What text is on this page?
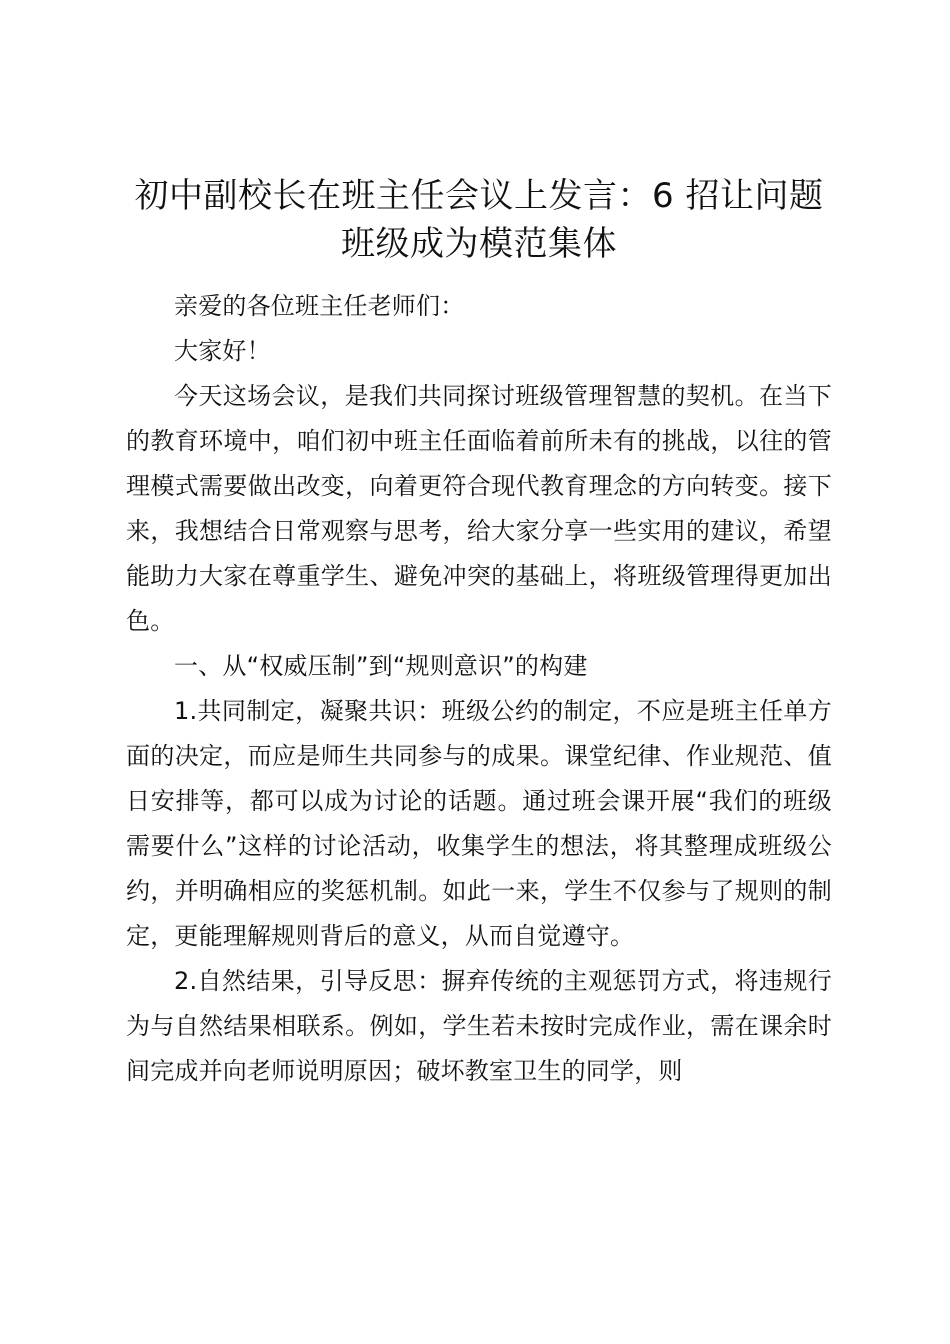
初中副校长在班主任会议上发言：6 招让问题
班级成为模范集体

亲爱的各位班主任老师们：

大家好！

今天这场会议，是我们共同探讨班级管理智慧的契机。在当下的教育环境中，咱们初中班主任面临着前所未有的挑战，以往的管理模式需要做出改变，向着更符合现代教育理念的方向转变。接下来，我想结合日常观察与思考，给大家分享一些实用的建议，希望能助力大家在尊重学生、避免冲突的基础上，将班级管理得更加出色。

一、从“权威压制”到“规则意识”的构建

1.共同制定，凝聚共识：班级公约的制定，不应是班主任单方面的决定，而应是师生共同参与的成果。课堂纪律、作业规范、值日安排等，都可以成为讨论的话题。通过班会课开展“我们的班级需要什么”这样的讨论活动，收集学生的想法，将其整理成班级公约，并明确相应的奖惩机制。如此一来，学生不仅参与了规则的制定，更能理解规则背后的意义，从而自觉遵守。

2.自然结果，引导反思：摒弃传统的主观惩罚方式，将违规行为与自然结果相联系。例如，学生若未按时完成作业，需在课余时间完成并向老师说明原因；破坏教室卫生的同学，则
